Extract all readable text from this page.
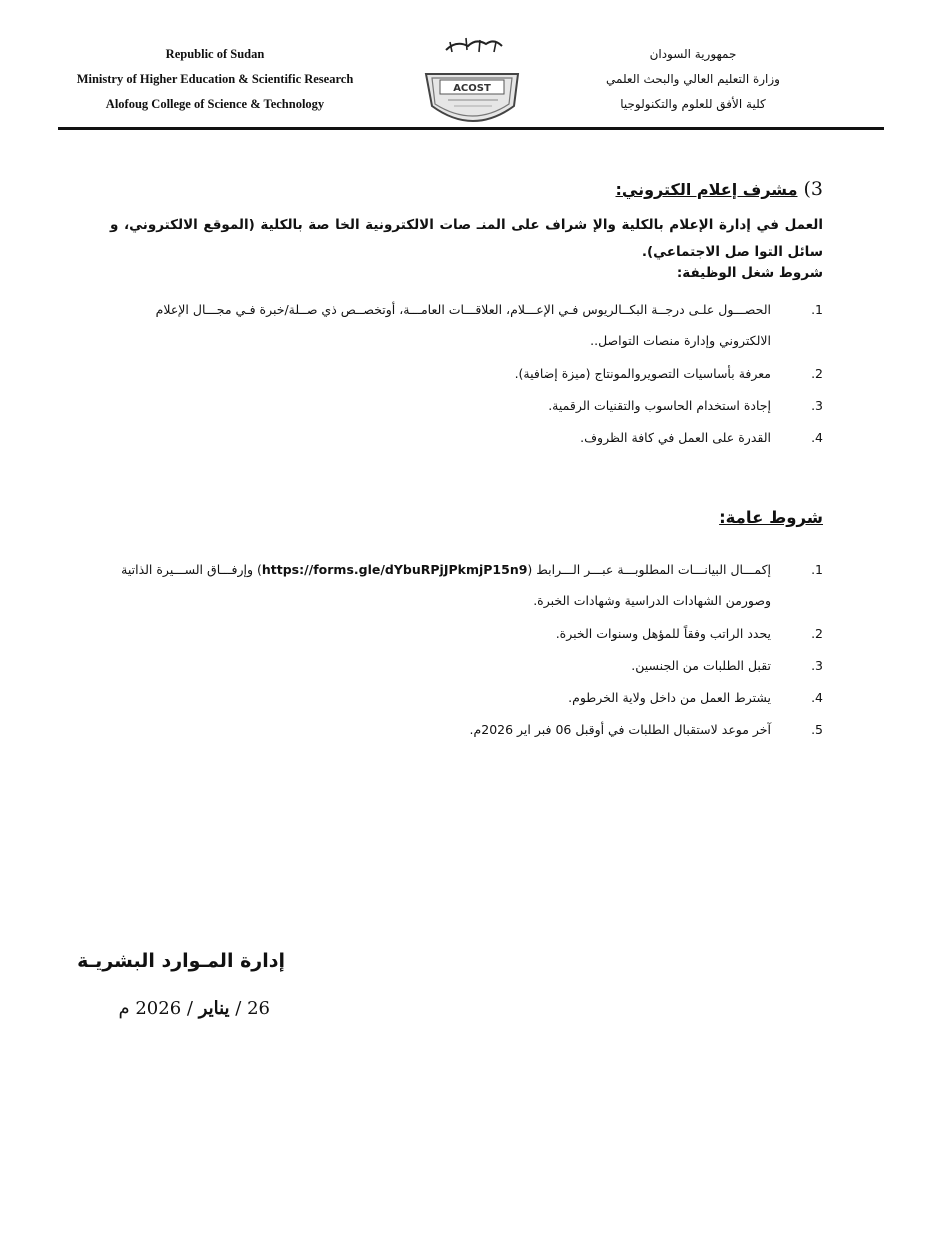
Republic of Sudan
Ministry of Higher Education & Scientific Research
Alofoug College of Science & Technology
ACOST
جمهورية السودان
وزارة التعليم العالي والبحث العلمي
كلية الأفق للعلوم والتكنولوجيا
3)مشرف إعلام الكتروني:
العمل في إدارة الإعلام بالكلية والإ شراف على المنـ صات الالكترونية الخا صة بالكلية (الموقع الالكتروني، و سائل التوا صل الاجتماعي).
شروط شغل الوظيفة:
1.
الحصـــول علـى درجــة البكــالريوس فـي الإعـــلام، العلاقـــات العامـــة، أوتخصــص ذي صــلة/خبرة فـي مجـــال الإعلام الالكتروني وإدارة منصات التواصل..
2.
معرفة بأساسيات التصويروالمونتاج (ميزة إضافية).
3.
إجادة استخدام الحاسوب والتقنيات الرقمية.
4.
القدرة على العمل في كافة الظروف.
شروط عامة:
1.
إكمـــال البيانـــات المطلوبـــة عبـــر الـــرابط (https://forms.gle/dYbuRPjJPkmjP15n9) وإرفـــاق الســـيرة الذاتية وصورمن الشهادات الدراسية وشهادات الخبرة.
2.
يحدد الراتب وفقاً للمؤهل وسنوات الخبرة.
3.
تقبل الطلبات من الجنسين.
4.
يشترط العمل من داخل ولاية الخرطوم.
5.
آخر موعد لاستقبال الطلبات في أوقبل 06 فبر اير 2026م.
إدارة المـوارد البشريـة
26 / يناير / 2026 م
